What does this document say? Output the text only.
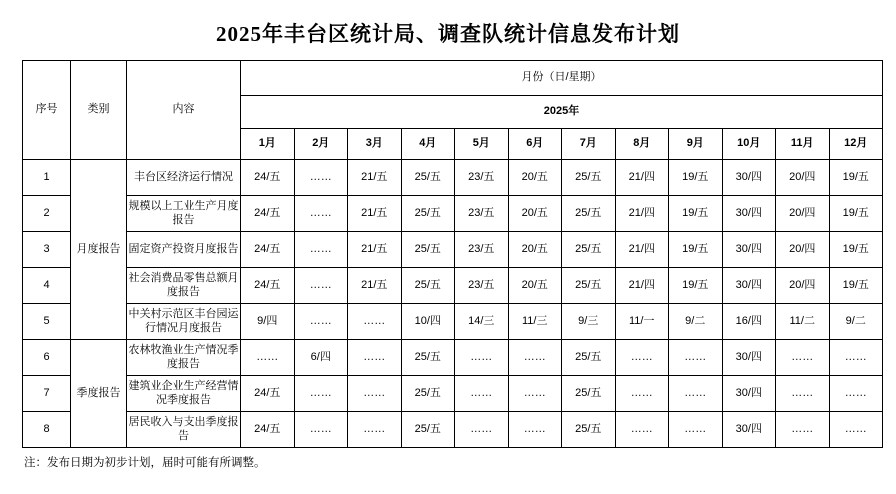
2025年丰台区统计局、调查队统计信息发布计划
序号	类别	内容	月份（日/星期）											
			2025年											
			1月	2月	3月	4月	5月	6月	7月	8月	9月	10月	11月	12月
1	月度报告	丰台区经济运行情况	24/五	……	21/五	25/五	23/五	20/五	25/五	21/四	19/五	30/四	20/四	19/五
2		规模以上工业生产月度报告	24/五	……	21/五	25/五	23/五	20/五	25/五	21/四	19/五	30/四	20/四	19/五
3		固定资产投资月度报告	24/五	……	21/五	25/五	23/五	20/五	25/五	21/四	19/五	30/四	20/四	19/五
4		社会消费品零售总额月度报告	24/五	……	21/五	25/五	23/五	20/五	25/五	21/四	19/五	30/四	20/四	19/五
5		中关村示范区丰台园运行情况月度报告	9/四	……	……	10/四	14/三	11/三	9/三	11/一	9/二	16/四	11/二	9/二
6	季度报告	农林牧渔业生产情况季度报告	……	6/四	……	25/五	……	……	25/五	……	……	30/四	……	……
7		建筑业企业生产经营情况季度报告	24/五	……	……	25/五	……	……	25/五	……	……	30/四	……	……
8		居民收入与支出季度报告	24/五	……	……	25/五	……	……	25/五	……	……	30/四	……	……
注：发布日期为初步计划，届时可能有所调整。
